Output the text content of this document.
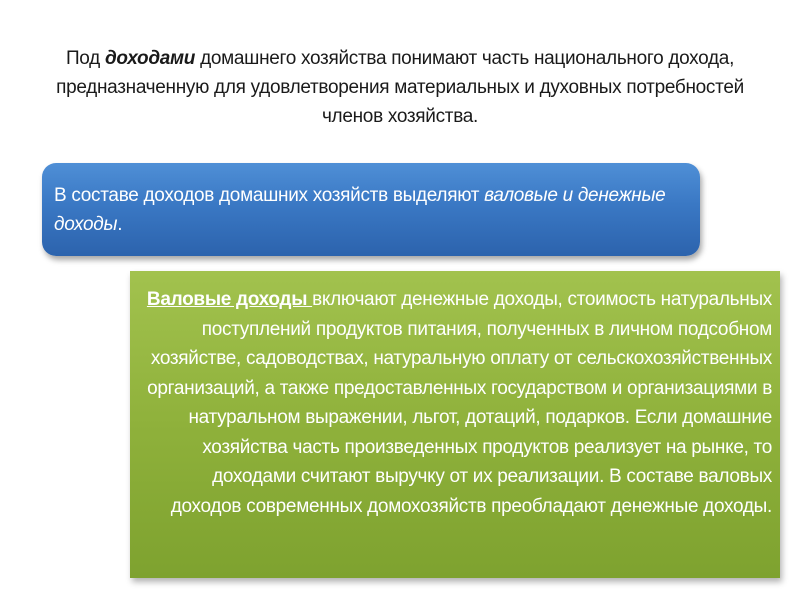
Под доходами домашнего хозяйства понимают часть национального дохода, предназначенную для удовлетворения материальных и духовных потребностей членов хозяйства.
В составе доходов домашних хозяйств выделяют валовые и денежные доходы.
Валовые доходы включают денежные доходы, стоимость натуральных поступлений продуктов питания, полученных в личном подсобном хозяйстве, садоводствах, натуральную оплату от сельскохозяйственных организаций, а также предоставленных государством и организациями в натуральном выражении, льгот, дотаций, подарков. Если домашние хозяйства часть произведенных продуктов реализует на рынке, то доходами считают выручку от их реализации. В составе валовых доходов современных домохозяйств преобладают денежные доходы.
